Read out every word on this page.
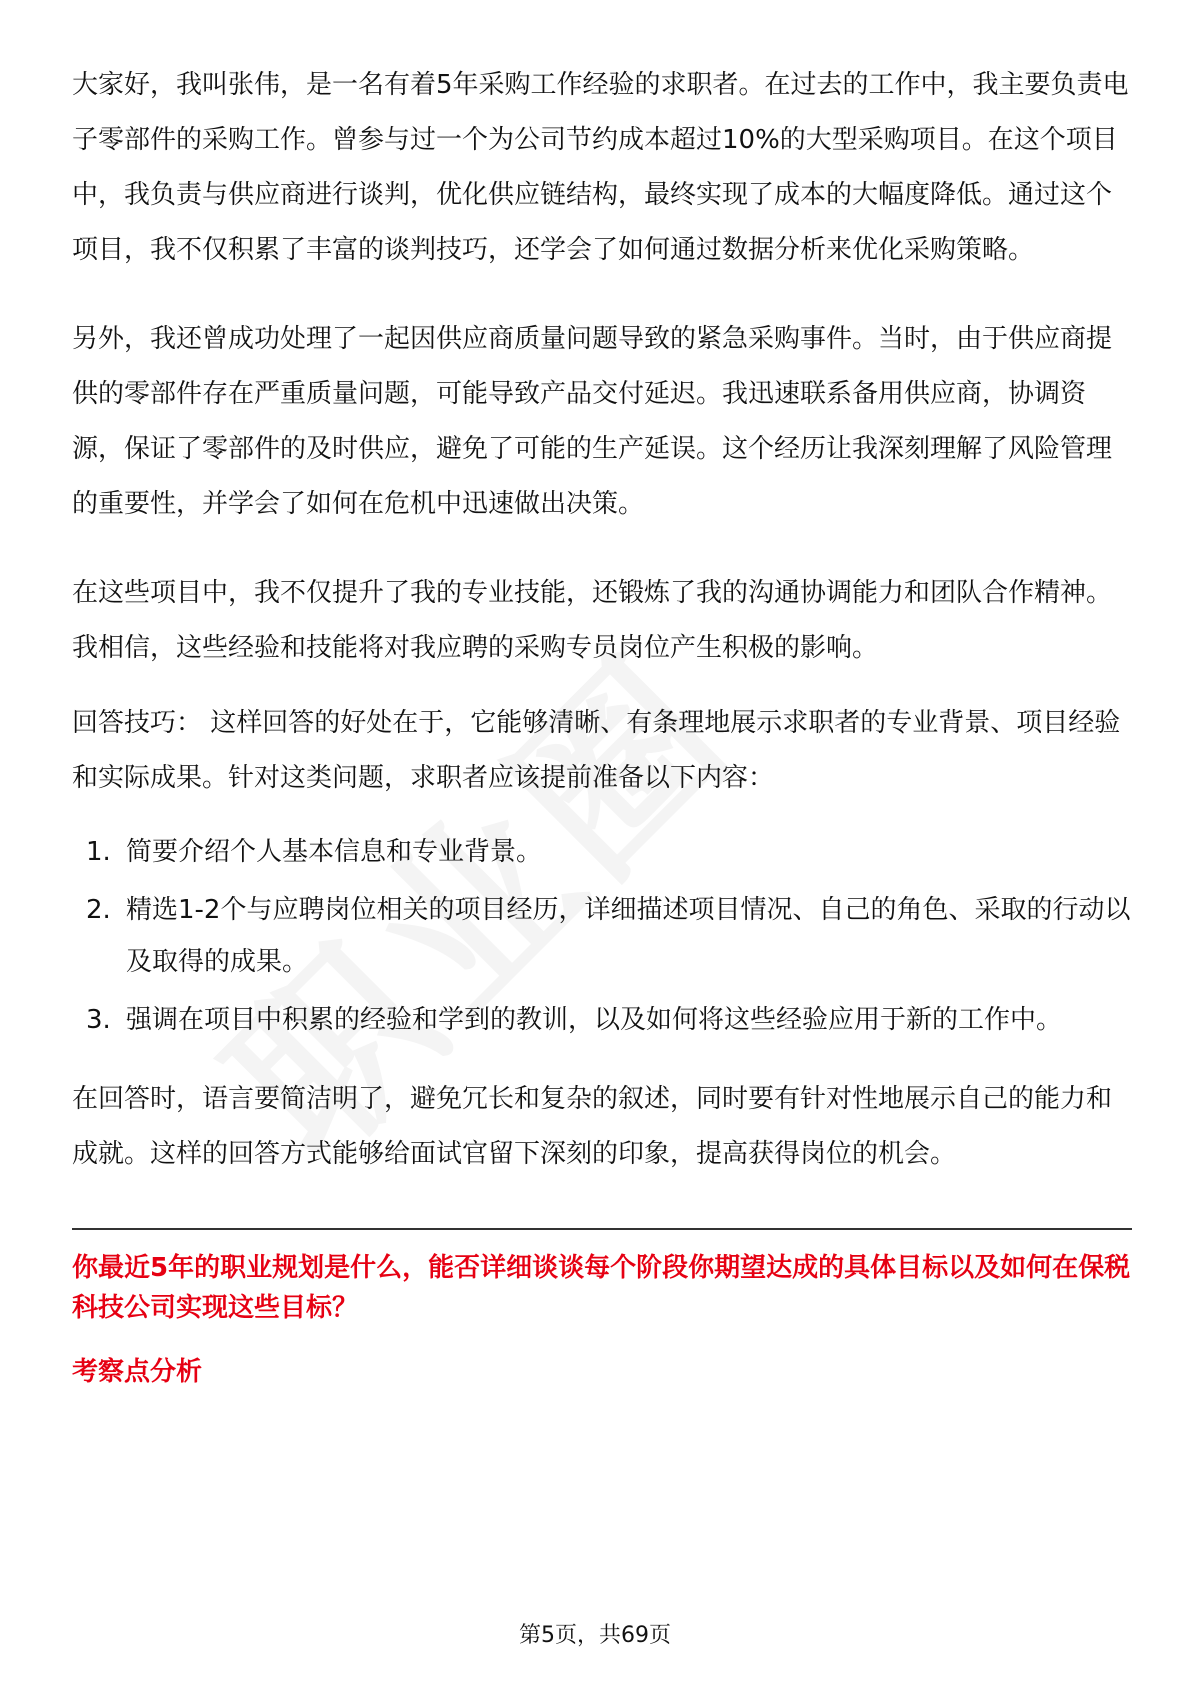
大家好，我叫张伟，是一名有着5年采购工作经验的求职者。在过去的工作中，我主要负责电子零部件的采购工作。曾参与过一个为公司节约成本超过10%的大型采购项目。在这个项目中，我负责与供应商进行谈判，优化供应链结构，最终实现了成本的大幅度降低。通过这个项目，我不仅积累了丰富的谈判技巧，还学会了如何通过数据分析来优化采购策略。

另外，我还曾成功处理了一起因供应商质量问题导致的紧急采购事件。当时，由于供应商提供的零部件存在严重质量问题，可能导致产品交付延迟。我迅速联系备用供应商，协调资源，保证了零部件的及时供应，避免了可能的生产延误。这个经历让我深刻理解了风险管理的重要性，并学会了如何在危机中迅速做出决策。

在这些项目中，我不仅提升了我的专业技能，还锻炼了我的沟通协调能力和团队合作精神。我相信，这些经验和技能将对我应聘的采购专员岗位产生积极的影响。

回答技巧： 这样回答的好处在于，它能够清晰、有条理地展示求职者的专业背景、项目经验和实际成果。针对这类问题，求职者应该提前准备以下内容：

1. 简要介绍个人基本信息和专业背景。
2. 精选1-2个与应聘岗位相关的项目经历，详细描述项目情况、自己的角色、采取的行动以及取得的成果。
3. 强调在项目中积累的经验和学到的教训，以及如何将这些经验应用于新的工作中。

在回答时，语言要简洁明了，避免冗长和复杂的叙述，同时要有针对性地展示自己的能力和成就。这样的回答方式能够给面试官留下深刻的印象，提高获得岗位的机会。

你最近5年的职业规划是什么，能否详细谈谈每个阶段你期望达成的具体目标以及如何在保税科技公司实现这些目标？
考察点分析
第5页，共69页
